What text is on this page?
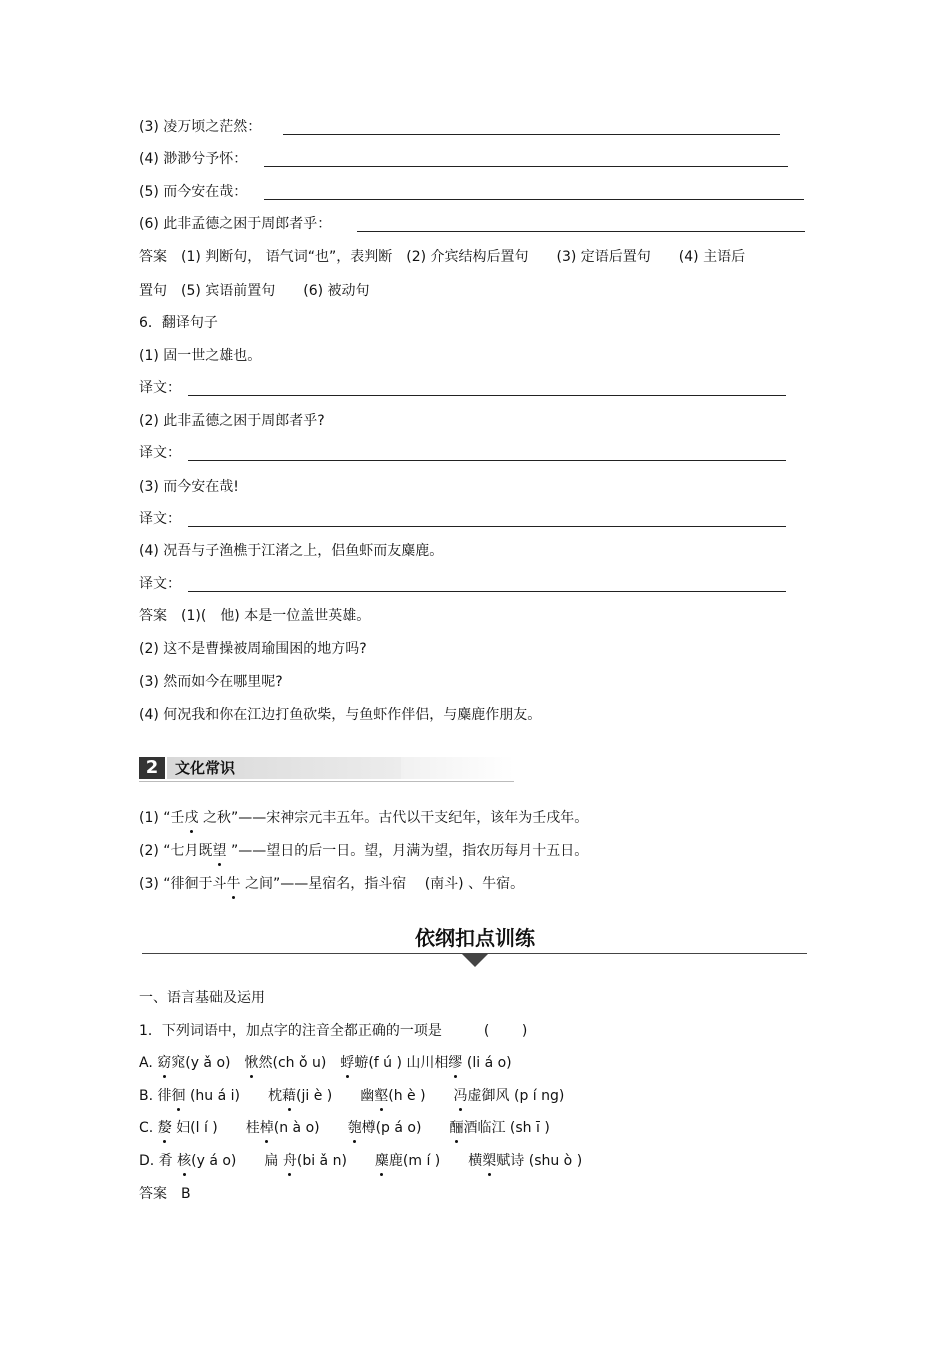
(3) 凌万顷之茫然：
(4) 渺渺兮予怀：
(5) 而今安在哉：
(6) 此非孟德之困于周郎者乎：
答案　(1) 判断句， 语气词“也”，表判断　(2) 介宾结构后置句　　(3) 定语后置句　　(4) 主语后
置句　(5) 宾语前置句　　(6) 被动句
6．翻译句子
(1) 固一世之雄也。
译文：
(2) 此非孟德之困于周郎者乎?
译文：
(3) 而今安在哉!
译文：
(4) 况吾与子渔樵于江渚之上，侣鱼虾而友麋鹿。
译文：
答案　(1)(　他) 本是一位盖世英雄。
(2) 这不是曹操被周瑜围困的地方吗?
(3) 然而如今在哪里呢?
(4) 何况我和你在江边打鱼砍柴，与鱼虾作伴侣，与麋鹿作朋友。
2	文化常识
(1) “壬戌 之秋”——宋神宗元丰五年。古代以干支纪年，该年为壬戌年。
(2) “七月既望 ”——望日的后一日。望，月满为望，指农历每月十五日。
(3) “徘徊于斗牛 之间”——星宿名，指斗宿　 (南斗) 、牛宿。
依纲扣点训练
一、语言基础及运用
1．下列词语中，加点字的注音全都正确的一项是　　　(　　 )
A. 窈窕(y ǎ o)　愀然(ch ǒ u)　蜉蝣(f ú ) 山川相缪 (li á o)
B. 徘徊 (hu á i)　　枕藉(ji è )　　幽壑(h è )　　冯虚御风 (p í ng)
C. 嫠 妇(l í )　　桂棹(n à o)　　匏樽(p á o)　　酾酒临江 (sh ī )
D. 肴 核(y á o)　　扁 舟(bi ǎ n)　　麋鹿(m í )　　横槊赋诗 (shu ò )
答案　B
